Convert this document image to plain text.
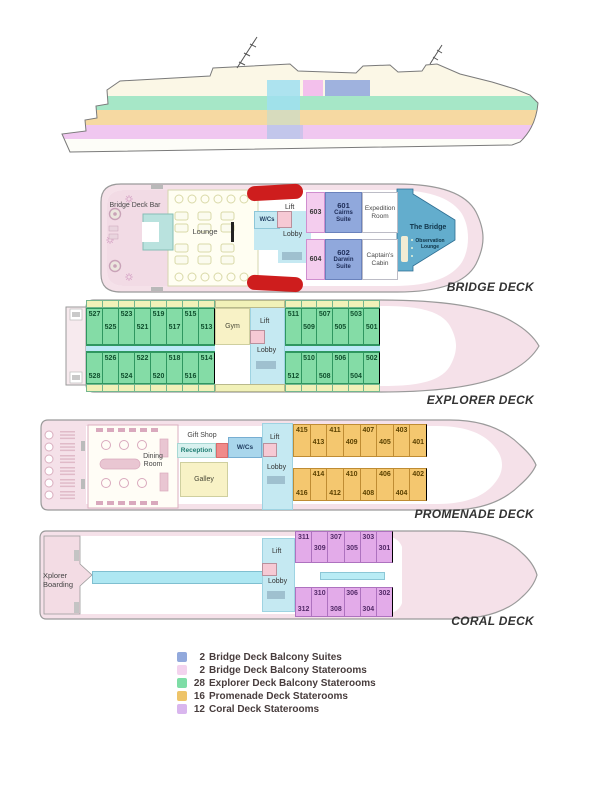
Bridge Deck Bar
Lounge
W/Cs
Lift
Lobby
603
604
601
Cairns Suite
602
Darwin Suite
Expedition Room
Captain's Cabin
The Bridge
Observation Lounge
BRIDGE DECK
527
525
523
521
519
517
515
513
528
526
524
522
520
518
516
514
Gym
Lift
Lobby
511
509
507
505
503
501
512
510
508
506
504
502
EXPLORER DECK
Dining Room
Gift Shop
Reception	W/Cs
Galley
Lift
Lobby
415
413
411
409
407
405
403
401
416
414
412
410
408
406
404
402
PROMENADE DECK
Xplorer Boarding
Lift
Lobby
311
309
307
305
303
301
312
310
308
306
304
302
CORAL DECK
2 Bridge Deck Balcony Suites
2 Bridge Deck Balcony Staterooms
28 Explorer Deck Balcony Staterooms
16 Promenade Deck Staterooms
12 Coral Deck Staterooms
